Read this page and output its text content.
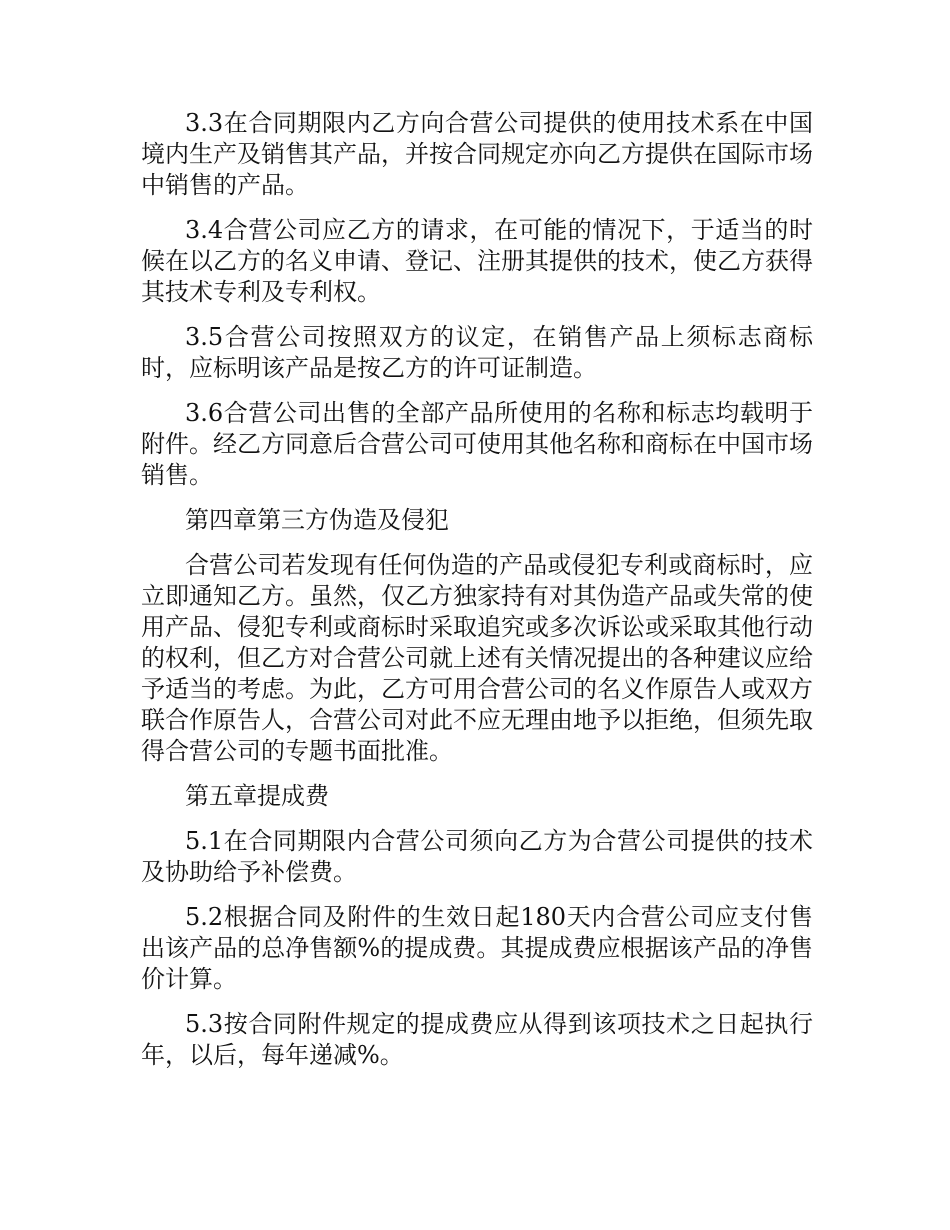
3.3在合同期限内乙方向合营公司提供的使用技术系在中国境内生产及销售其产品，并按合同规定亦向乙方提供在国际市场中销售的产品。

3.4合营公司应乙方的请求，在可能的情况下，于适当的时候在以乙方的名义申请、登记、注册其提供的技术，使乙方获得其技术专利及专利权。

3.5合营公司按照双方的议定，在销售产品上须标志商标时，应标明该产品是按乙方的许可证制造。

3.6合营公司出售的全部产品所使用的名称和标志均载明于附件。经乙方同意后合营公司可使用其他名称和商标在中国市场销售。

第四章第三方伪造及侵犯

合营公司若发现有任何伪造的产品或侵犯专利或商标时，应立即通知乙方。虽然，仅乙方独家持有对其伪造产品或失常的使用产品、侵犯专利或商标时采取追究或多次诉讼或采取其他行动的权利，但乙方对合营公司就上述有关情况提出的各种建议应给予适当的考虑。为此，乙方可用合营公司的名义作原告人或双方联合作原告人，合营公司对此不应无理由地予以拒绝，但须先取得合营公司的专题书面批准。

第五章提成费

5.1在合同期限内合营公司须向乙方为合营公司提供的技术及协助给予补偿费。

5.2根据合同及附件的生效日起180天内合营公司应支付售出该产品的总净售额%的提成费。其提成费应根据该产品的净售价计算。

5.3按合同附件规定的提成费应从得到该项技术之日起执行年，以后，每年递减%。
